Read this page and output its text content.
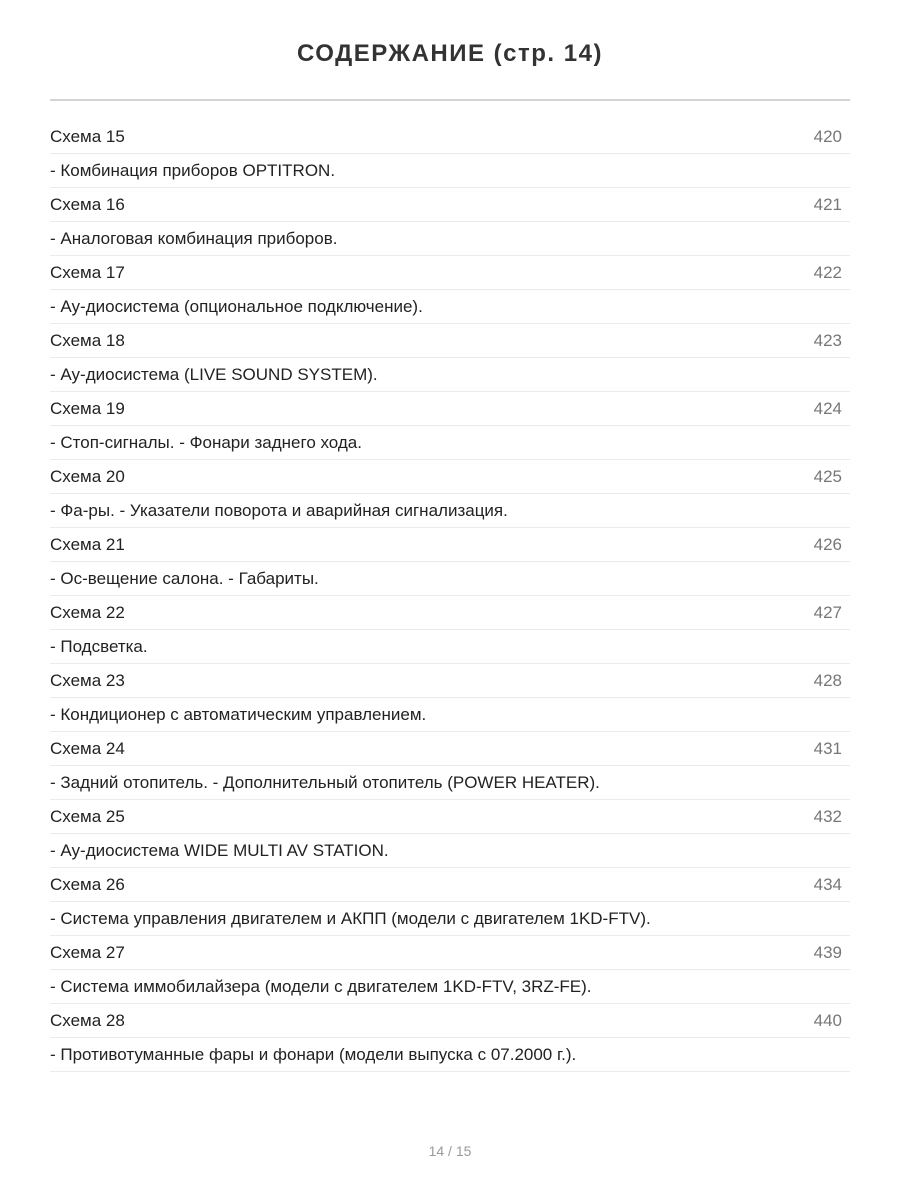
СОДЕРЖАНИЕ (стр. 14)
Схема 15	420
- Комбинация приборов OPTITRON.
Схема 16	421
- Аналоговая комбинация приборов.
Схема 17	422
- Ау-диосистема (опциональное подключение).
Схема 18	423
- Ау-диосистема (LIVE SOUND SYSTEM).
Схема 19	424
- Стоп-сигналы. - Фонари заднего хода.
Схема 20	425
- Фа-ры. - Указатели поворота и аварийная сигнализация.
Схема 21	426
- Ос-вещение салона. - Габариты.
Схема 22	427
- Подсветка.
Схема 23	428
- Кондиционер с автоматическим управлением.
Схема 24	431
- Задний отопитель. - Дополнительный отопитель (POWER HEATER).
Схема 25	432
- Ау-диосистема WIDE MULTI AV STATION.
Схема 26	434
- Система управления двигателем и АКПП (модели с двигателем 1KD-FTV).
Схема 27	439
- Система иммобилайзера (модели с двигателем 1KD-FTV, 3RZ-FE).
Схема 28	440
- Противотуманные фары и фонари (модели выпуска с 07.2000 г.).
14 / 15
